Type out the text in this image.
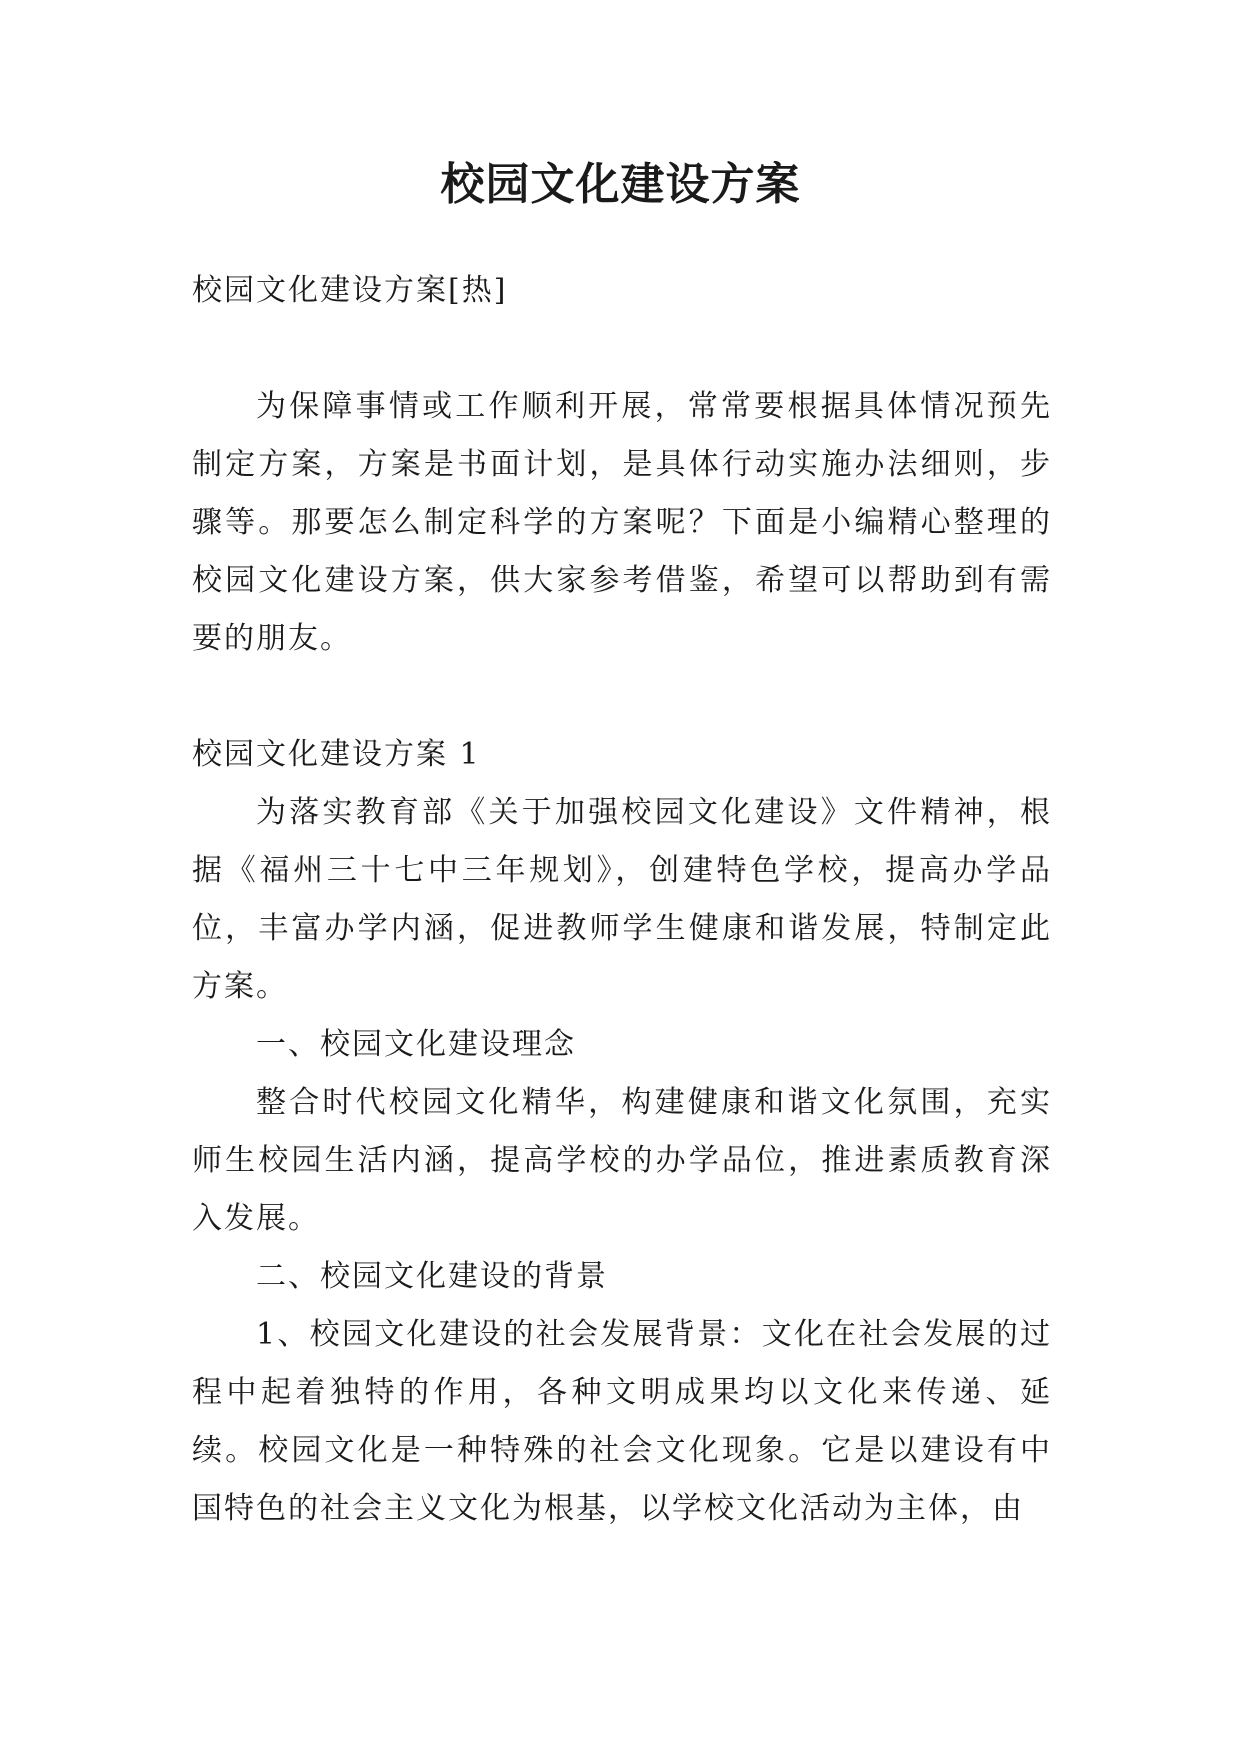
校园文化建设方案

校园文化建设方案[热]

为保障事情或工作顺利开展，常常要根据具体情况预先制定方案，方案是书面计划，是具体行动实施办法细则，步骤等。那要怎么制定科学的方案呢？下面是小编精心整理的校园文化建设方案，供大家参考借鉴，希望可以帮助到有需要的朋友。

校园文化建设方案 1

为落实教育部《关于加强校园文化建设》文件精神，根据《福州三十七中三年规划》，创建特色学校，提高办学品位，丰富办学内涵，促进教师学生健康和谐发展，特制定此方案。

一、校园文化建设理念

整合时代校园文化精华，构建健康和谐文化氛围，充实师生校园生活内涵，提高学校的办学品位，推进素质教育深入发展。

二、校园文化建设的背景

1、校园文化建设的社会发展背景：文化在社会发展的过程中起着独特的作用，各种文明成果均以文化来传递、延续。校园文化是一种特殊的社会文化现象。它是以建设有中国特色的社会主义文化为根基，以学校文化活动为主体，由
